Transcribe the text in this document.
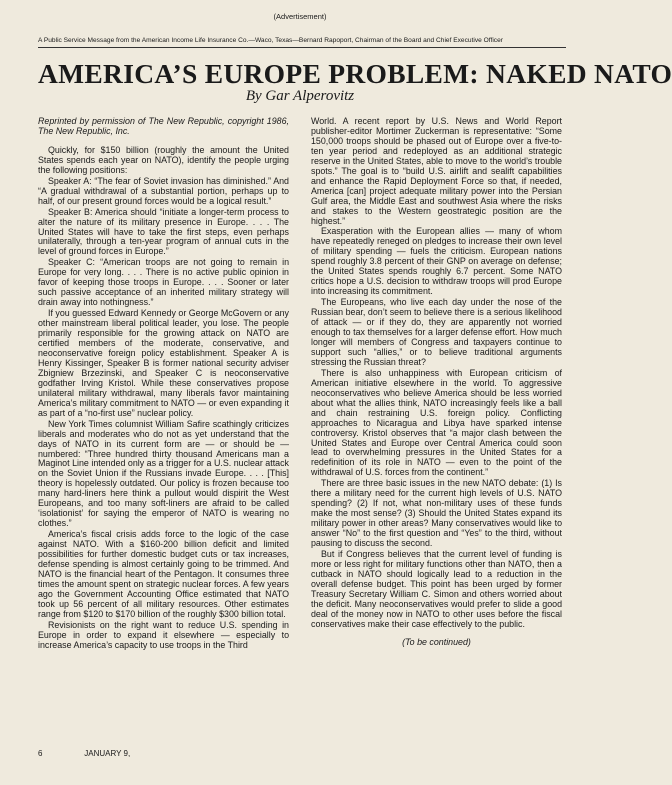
(Advertisement)
A Public Service Message from the American Income Life Insurance Co.—Waco, Texas—Bernard Rapoport, Chairman of the Board and Chief Executive Officer
AMERICA’S EUROPE PROBLEM: NAKED NATO
By Gar Alperovitz

Reprinted by permission of The New Republic, copyright 1986, The New Republic, Inc.

Quickly, for $150 billion (roughly the amount the United States spends each year on NATO), identify the people urging the following positions:

Speaker A: “The fear of Soviet invasion has diminished.” And “A gradual withdrawal of a substantial portion, perhaps up to half, of our present ground forces would be a logical result.”

Speaker B: America should “initiate a longer-term process to alter the nature of its military presence in Europe. . . . The United States will have to take the first steps, even perhaps unilaterally, through a ten-year program of annual cuts in the level of ground forces in Europe.”

Speaker C: “American troops are not going to remain in Europe for very long. . . . There is no active public opinion in favor of keeping those troops in Europe. . . . Sooner or later such passive acceptance of an inherited military strategy will drain away into nothingness.”

If you guessed Edward Kennedy or George McGovern or any other mainstream liberal political leader, you lose. The people primarily responsible for the growing attack on NATO are certified members of the moderate, conservative, and neoconservative foreign policy establishment. Speaker A is Henry Kissinger, Speaker B is former national security adviser Zbigniew Brzezinski, and Speaker C is neoconservative godfather Irving Kristol. While these conservatives propose unilateral military withdrawal, many liberals favor maintaining America’s military commitment to NATO — or even expanding it as part of a “no-first use” nuclear policy.

New York Times columnist William Safire scathingly criticizes liberals and moderates who do not as yet understand that the days of NATO in its current form are — or should be — numbered: “Three hundred thirty thousand Americans man a Maginot Line intended only as a trigger for a U.S. nuclear attack on the Soviet Union if the Russians invade Europe. . . . [This] theory is hopelessly outdated. Our policy is frozen because too many hard-liners here think a pullout would dispirit the West Europeans, and too many soft-liners are afraid to be called ‘isolationist’ for saying the emperor of NATO is wearing no clothes.”

America’s fiscal crisis adds force to the logic of the case against NATO. With a $160-200 billion deficit and limited possibilities for further domestic budget cuts or tax increases, defense spending is almost certainly going to be trimmed. And NATO is the financial heart of the Pentagon. It consumes three times the amount spent on strategic nuclear forces. A few years ago the Government Accounting Office estimated that NATO took up 56 percent of all military resources. Other estimates range from $120 to $170 billion of the roughly $300 billion total.

Revisionists on the right want to reduce U.S. spending in Europe in order to expand it elsewhere — especially to increase America’s capacity to use troops in the Third

World. A recent report by U.S. News and World Report publisher-editor Mortimer Zuckerman is representative: “Some 150,000 troops should be phased out of Europe over a five-to-ten year period and redeployed as an additional strategic reserve in the United States, able to move to the world’s trouble spots.” The goal is to “build U.S. airlift and sealift capabilities and enhance the Rapid Deployment Force so that, if needed, America [can] project adequate military power into the Persian Gulf area, the Middle East and southwest Asia where the risks and stakes to the Western geostrategic position are the highest.”

Exasperation with the European allies — many of whom have repeatedly reneged on pledges to increase their own level of military spending — fuels the criticism. European nations spend roughly 3.8 percent of their GNP on average on defense; the United States spends roughly 6.7 percent. Some NATO critics hope a U.S. decision to withdraw troops will prod Europe into increasing its commitment.

The Europeans, who live each day under the nose of the Russian bear, don’t seem to believe there is a serious likelihood of attack — or if they do, they are apparently not worried enough to tax themselves for a larger defense effort. How much longer will members of Congress and taxpayers continue to support such “allies,” or to believe traditional arguments stressing the Russian threat?

There is also unhappiness with European criticism of American initiative elsewhere in the world. To aggressive neoconservatives who believe America should be less worried about what the allies think, NATO increasingly feels like a ball and chain restraining U.S. foreign policy. Conflicting approaches to Nicaragua and Libya have sparked intense controversy. Kristol observes that “a major clash between the United States and Europe over Central America could soon lead to overwhelming pressures in the United States for a redefinition of its role in NATO — even to the point of the withdrawal of U.S. forces from the continent.”

There are three basic issues in the new NATO debate: (1) Is there a military need for the current high levels of U.S. NATO spending? (2) If not, what non-military uses of these funds make the most sense? (3) Should the United States expand its military power in other areas? Many conservatives would like to answer “No” to the first question and “Yes” to the third, without pausing to discuss the second.

But if Congress believes that the current level of funding is more or less right for military functions other than NATO, then a cutback in NATO should logically lead to a reduction in the overall defense budget. This point has been urged by former Treasury Secretary William C. Simon and others worried about the deficit. Many neoconservatives would prefer to slide a good deal of the money now in NATO to other uses before the fiscal conservatives make their case effectively to the public.

(To be continued)

6	JANUARY 9,
